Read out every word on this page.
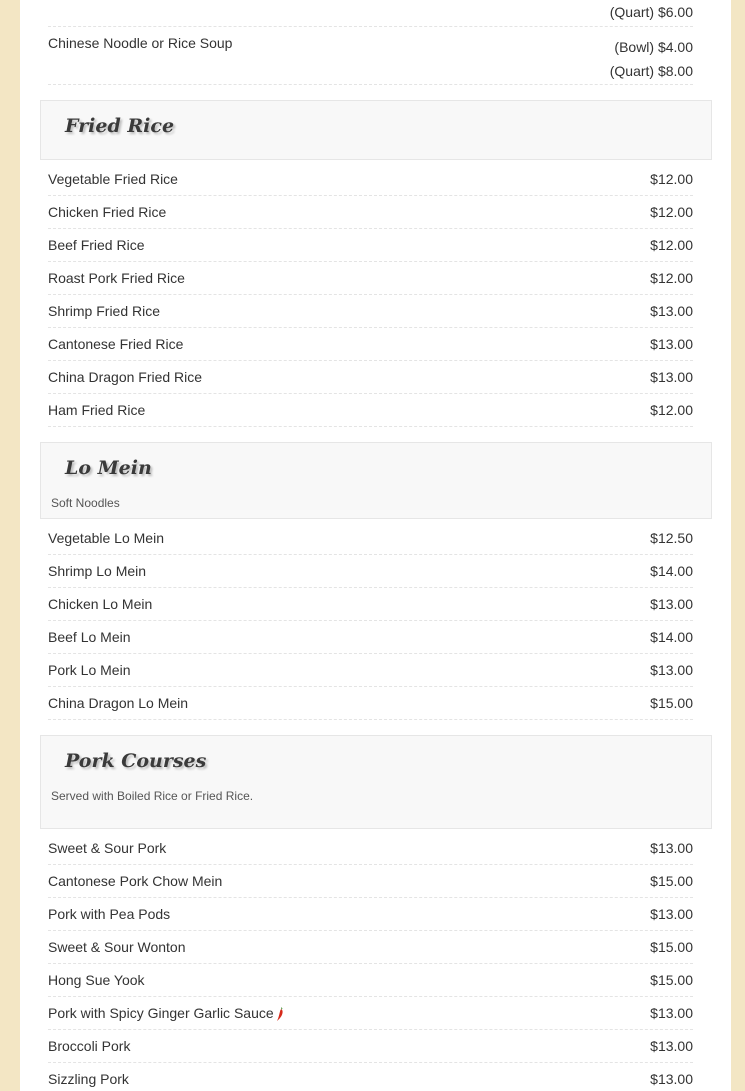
(Quart) $6.00
Chinese Noodle or Rice Soup	(Bowl) $4.00
(Quart) $8.00
Fried Rice
Vegetable Fried Rice	$12.00
Chicken Fried Rice	$12.00
Beef Fried Rice	$12.00
Roast Pork Fried Rice	$12.00
Shrimp Fried Rice	$13.00
Cantonese Fried Rice	$13.00
China Dragon Fried Rice	$13.00
Ham Fried Rice	$12.00
Lo Mein
Soft Noodles
Vegetable Lo Mein	$12.50
Shrimp Lo Mein	$14.00
Chicken Lo Mein	$13.00
Beef Lo Mein	$14.00
Pork Lo Mein	$13.00
China Dragon Lo Mein	$15.00
Pork Courses
Served with Boiled Rice or Fried Rice.
Sweet & Sour Pork	$13.00
Cantonese Pork Chow Mein	$15.00
Pork with Pea Pods	$13.00
Sweet & Sour Wonton	$15.00
Hong Sue Yook	$15.00
Pork with Spicy Ginger Garlic Sauce	$13.00
Broccoli Pork	$13.00
Sizzling Pork	$13.00
